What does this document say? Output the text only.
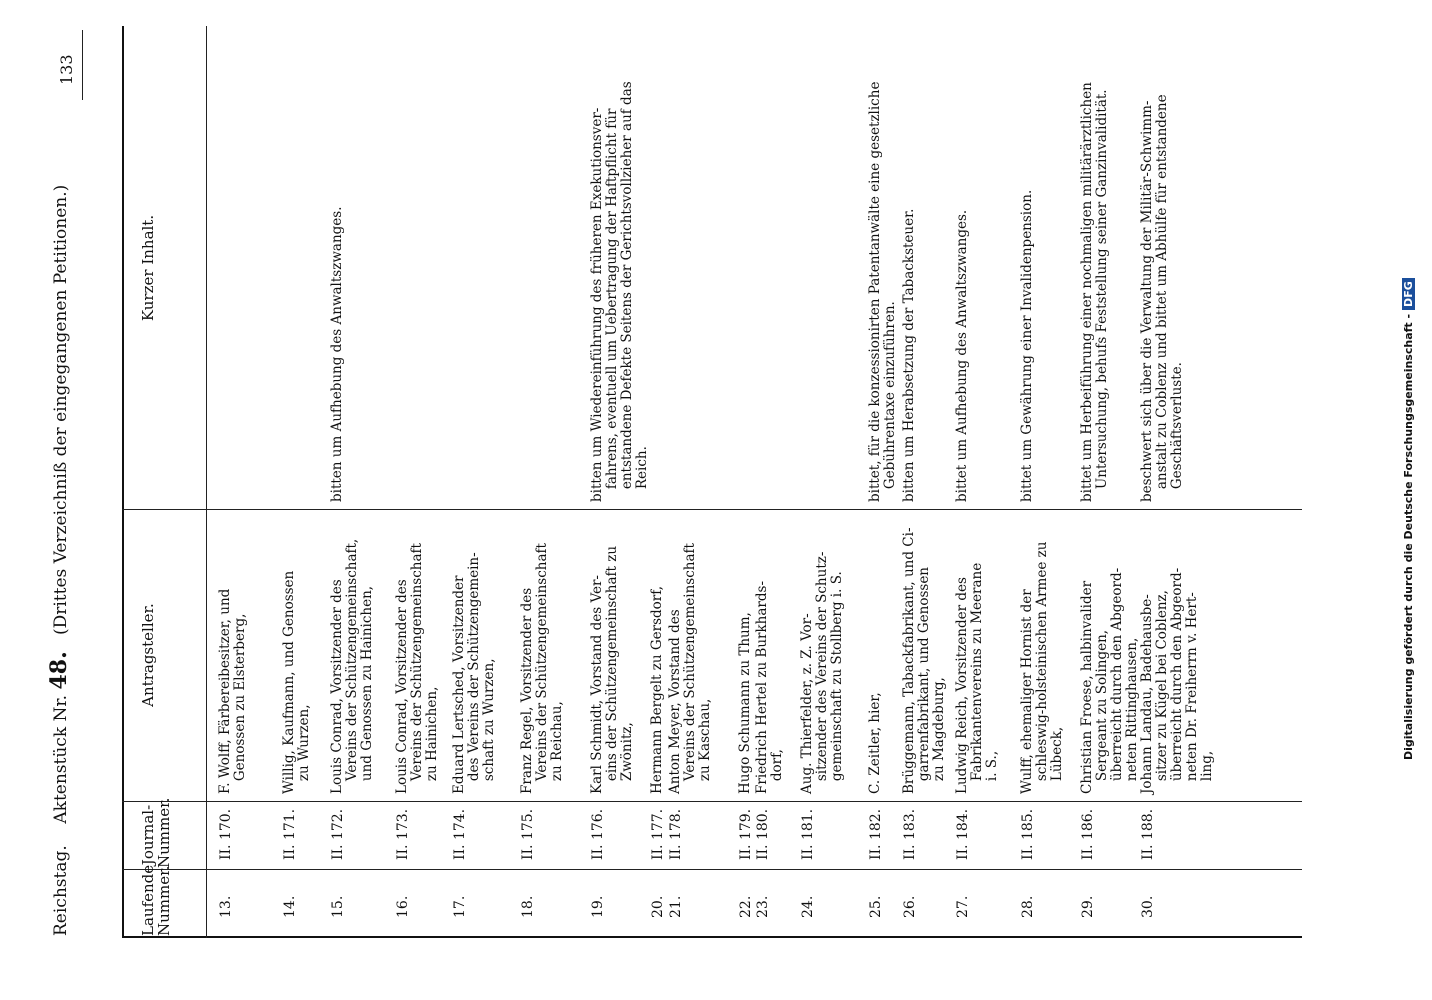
Reichstag.    Aktenstück Nr. 48.   (Drittes Verzeichniß der eingegangenen Petitionen.)
133
Laufende Nummer.
Journal-Nummer.
Antragsteller.
Kurzer Inhalt.
13.
II. 170.
F. Wolff, Färbereibesitzer, und
Genossen zu Elsterberg,
14.
II. 171.
Willig, Kaufmann, und Genossen
zu Wurzen,
15.
II. 172.
Louis Conrad, Vorsitzender des
Vereins der Schützengemeinschaft,
und Genossen zu Hainichen,
bitten um Aufhebung des Anwaltszwanges.
16.
II. 173.
Louis Conrad, Vorsitzender des
Vereins der Schützengemeinschaft
zu Hainichen,
17.
II. 174.
Eduard Lertsched, Vorsitzender
des Vereins der Schützengemein-
schaft zu Wurzen,
18.
II. 175.
Franz Regel, Vorsitzender des
Vereins der Schützengemeinschaft
zu Reichau,
19.
II. 176.
Karl Schmidt, Vorstand des Ver-
eins der Schützengemeinschaft zu
Zwönitz,
bitten um Wiedereinführung des früheren Exekutionsver-
fahrens, eventuell um Uebertragung der Haftpflicht für
entstandene Defekte Seitens der Gerichtsvollzieher auf das
Reich.
20.
II. 177.
Hermann Bergelt zu Gersdorf,
21.
II. 178.
Anton Meyer, Vorstand des
Vereins der Schützengemeinschaft
zu Kaschau,
22.
II. 179.
Hugo Schumann zu Thum,
23.
II. 180.
Friedrich Hertel zu Burkhards-
dorf,
24.
II. 181.
Aug. Thierfelder, z. Z. Vor-
sitzender des Vereins der Schutz-
gemeinschaft zu Stollberg i. S.
25.
II. 182.
C. Zeitler, hier,
bittet, für die konzessionirten Patentanwälte eine gesetzliche
Gebührentaxe einzuführen.
26.
II. 183.
Brüggemann, Tabackfabrikant, und Ci-
garrenfabrikant, und Genossen
zu Magdeburg,
bitten um Herabsetzung der Tabacksteuer.
27.
II. 184.
Ludwig Reich, Vorsitzender des
Fabrikantenvereins zu Meerane
i. S.,
bittet um Aufhebung des Anwaltszwanges.
28.
II. 185.
Wulff, ehemaliger Hornist der
schleswig-holsteinischen Armee zu
Lübeck,
bittet um Gewährung einer Invalidenpension.
29.
II. 186.
Christian Froese, halbinvalider
Sergeant zu Solingen,
überreicht durch den Abgeord-
neten Rittinghausen,
bittet um Herbeiführung einer nochmaligen militärärztlichen
Untersuchung, behufs Feststellung seiner Ganzinvalidität.
30.
II. 188.
Johann Landau, Badehausbe-
sitzer zu Kügel bei Coblenz,
überreicht durch den Abgeord-
neten Dr. Freiherrn v. Hert-
ling,
beschwert sich über die Verwaltung der Militär-Schwimm-
anstalt zu Coblenz und bittet um Abhülfe für entstandene
Geschäftsverluste.	Digitalisierung gefördert durch die Deutsche Forschungsgemeinschaft -DFG
